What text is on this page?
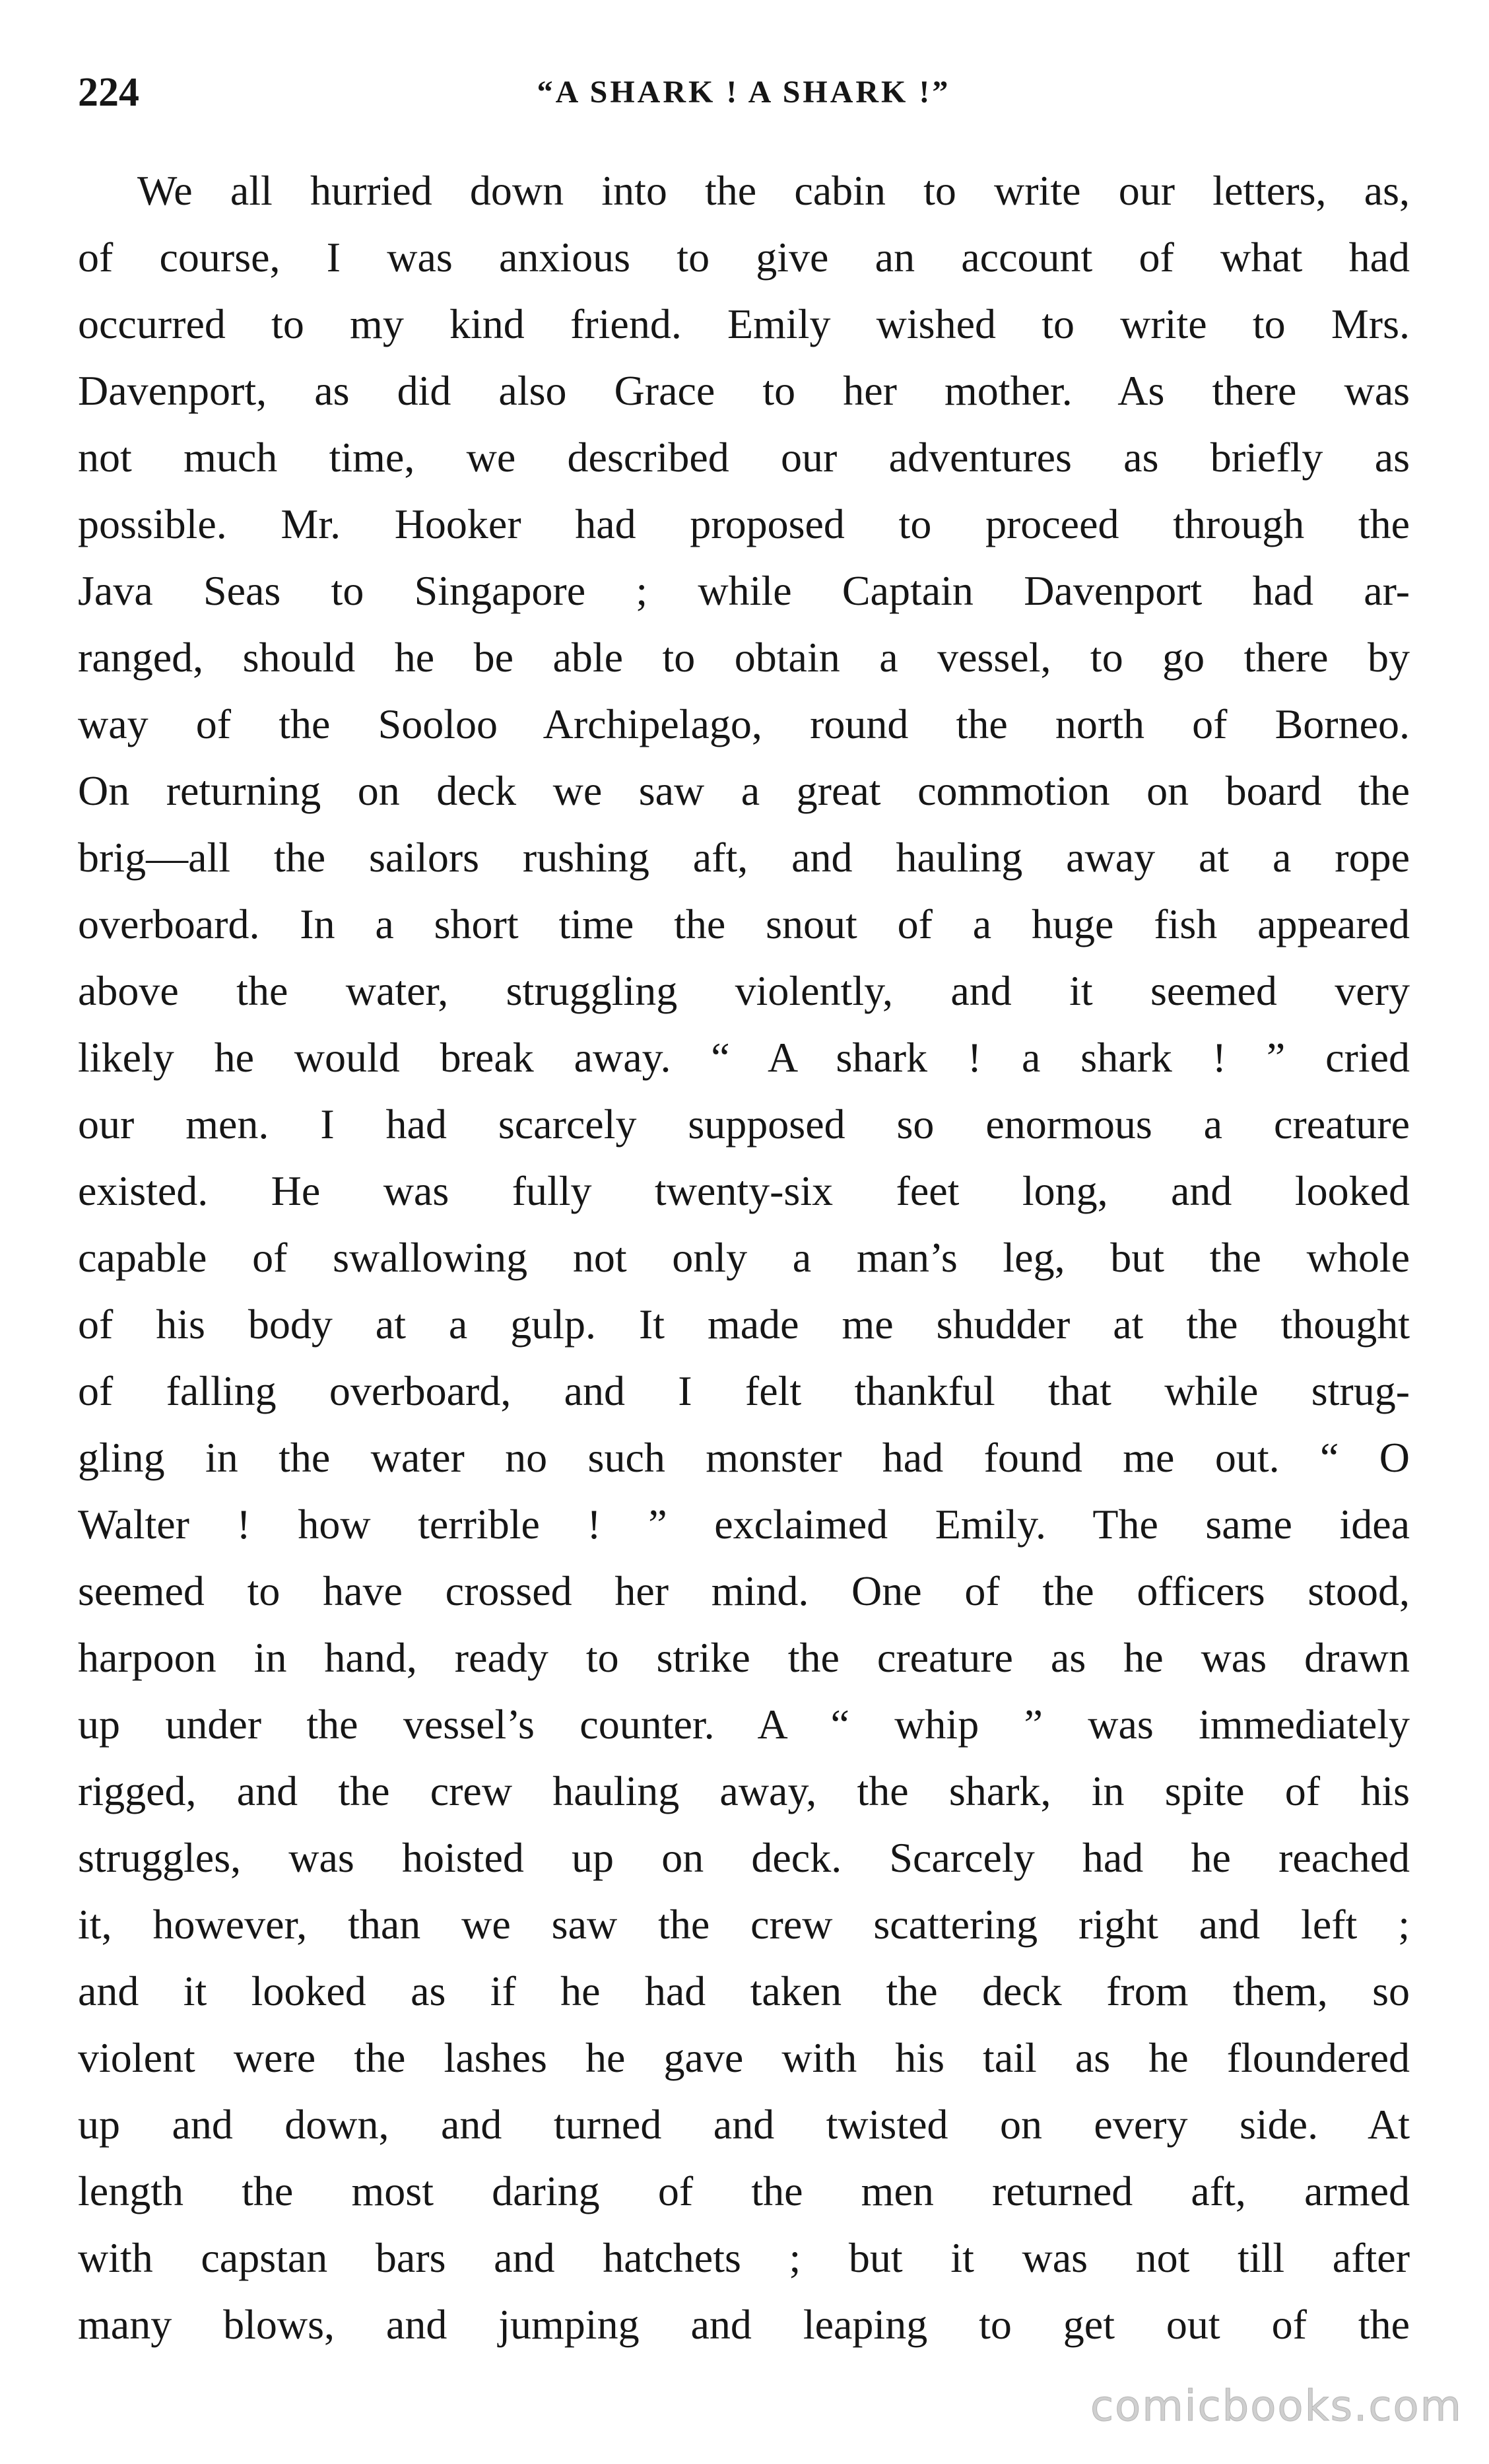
224	“A SHARK ! A SHARK !”
We all hurried down into the cabin to write our letters, as,
of course, I was anxious to give an account of what had
occurred to my kind friend. Emily wished to write to Mrs.
Davenport, as did also Grace to her mother. As there was
not much time, we described our adventures as briefly as
possible. Mr. Hooker had proposed to proceed through the
Java Seas to Singapore ; while Captain Davenport had ar-
ranged, should he be able to obtain a vessel, to go there by
way of the Sooloo Archipelago, round the north of Borneo.
On returning on deck we saw a great commotion on board the
brig—all the sailors rushing aft, and hauling away at a rope
overboard. In a short time the snout of a huge fish appeared
above the water, struggling violently, and it seemed very
likely he would break away. “ A shark ! a shark ! ” cried
our men. I had scarcely supposed so enormous a creature
existed. He was fully twenty-six feet long, and looked
capable of swallowing not only a man’s leg, but the whole
of his body at a gulp. It made me shudder at the thought
of falling overboard, and I felt thankful that while strug-
gling in the water no such monster had found me out. “ O
Walter ! how terrible ! ” exclaimed Emily. The same idea
seemed to have crossed her mind. One of the officers stood,
harpoon in hand, ready to strike the creature as he was drawn
up under the vessel’s counter. A “ whip ” was immediately
rigged, and the crew hauling away, the shark, in spite of his
struggles, was hoisted up on deck. Scarcely had he reached
it, however, than we saw the crew scattering right and left ;
and it looked as if he had taken the deck from them, so
violent were the lashes he gave with his tail as he floundered
up and down, and turned and twisted on every side. At
length the most daring of the men returned aft, armed
with capstan bars and hatchets ; but it was not till after
many blows, and jumping and leaping to get out of the
comicbooks.com
